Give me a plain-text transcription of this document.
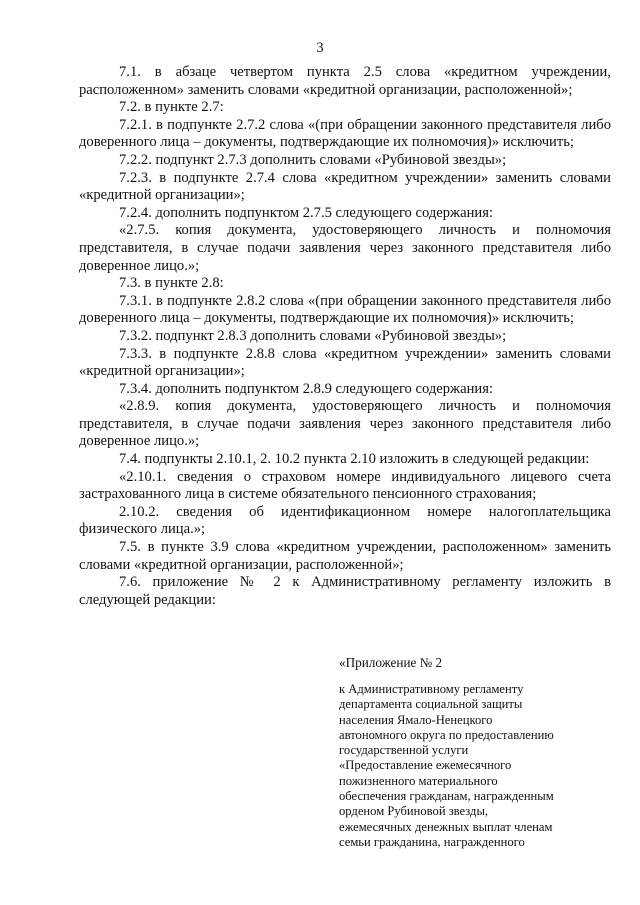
3

7.1. в абзаце четвертом пункта 2.5 слова «кредитном учреждении, расположенном» заменить словами «кредитной организации, расположенной»;

7.2. в пункте 2.7:

7.2.1. в подпункте 2.7.2 слова «(при обращении законного представителя либо доверенного лица – документы, подтверждающие их полномочия)» исключить;

7.2.2. подпункт 2.7.3 дополнить словами «Рубиновой звезды»;

7.2.3. в подпункте 2.7.4 слова «кредитном учреждении» заменить словами «кредитной организации»;

7.2.4. дополнить подпунктом 2.7.5 следующего содержания:

«2.7.5. копия документа, удостоверяющего личность и полномочия представителя, в случае подачи заявления через законного представителя либо доверенное лицо.»;

7.3. в пункте 2.8:

7.3.1. в подпункте 2.8.2 слова «(при обращении законного представителя либо доверенного лица – документы, подтверждающие их полномочия)» исключить;

7.3.2. подпункт 2.8.3 дополнить словами «Рубиновой звезды»;

7.3.3. в подпункте 2.8.8 слова «кредитном учреждении» заменить словами «кредитной организации»;

7.3.4. дополнить подпунктом 2.8.9 следующего содержания:

«2.8.9. копия документа, удостоверяющего личность и полномочия представителя, в случае подачи заявления через законного представителя либо доверенное лицо.»;

7.4. подпункты 2.10.1, 2. 10.2 пункта 2.10 изложить в следующей редакции:

«2.10.1. сведения о страховом номере индивидуального лицевого счета застрахованного лица в системе обязательного пенсионного страхования;

2.10.2. сведения об идентификационном номере налогоплательщика физического лица.»;

7.5. в пункте 3.9 слова «кредитном учреждении, расположенном» заменить словами «кредитной организации, расположенной»;

7.6. приложение № 2 к Административному регламенту изложить в следующей редакции:

«Приложение № 2

к Административному регламенту
департамента социальной защиты
населения Ямало-Ненецкого
автономного округа по предоставлению
государственной услуги
«Предоставление ежемесячного
пожизненного материального
обеспечения гражданам, награжденным
орденом Рубиновой звезды,
ежемесячных денежных выплат членам
семьи гражданина, награжденного
